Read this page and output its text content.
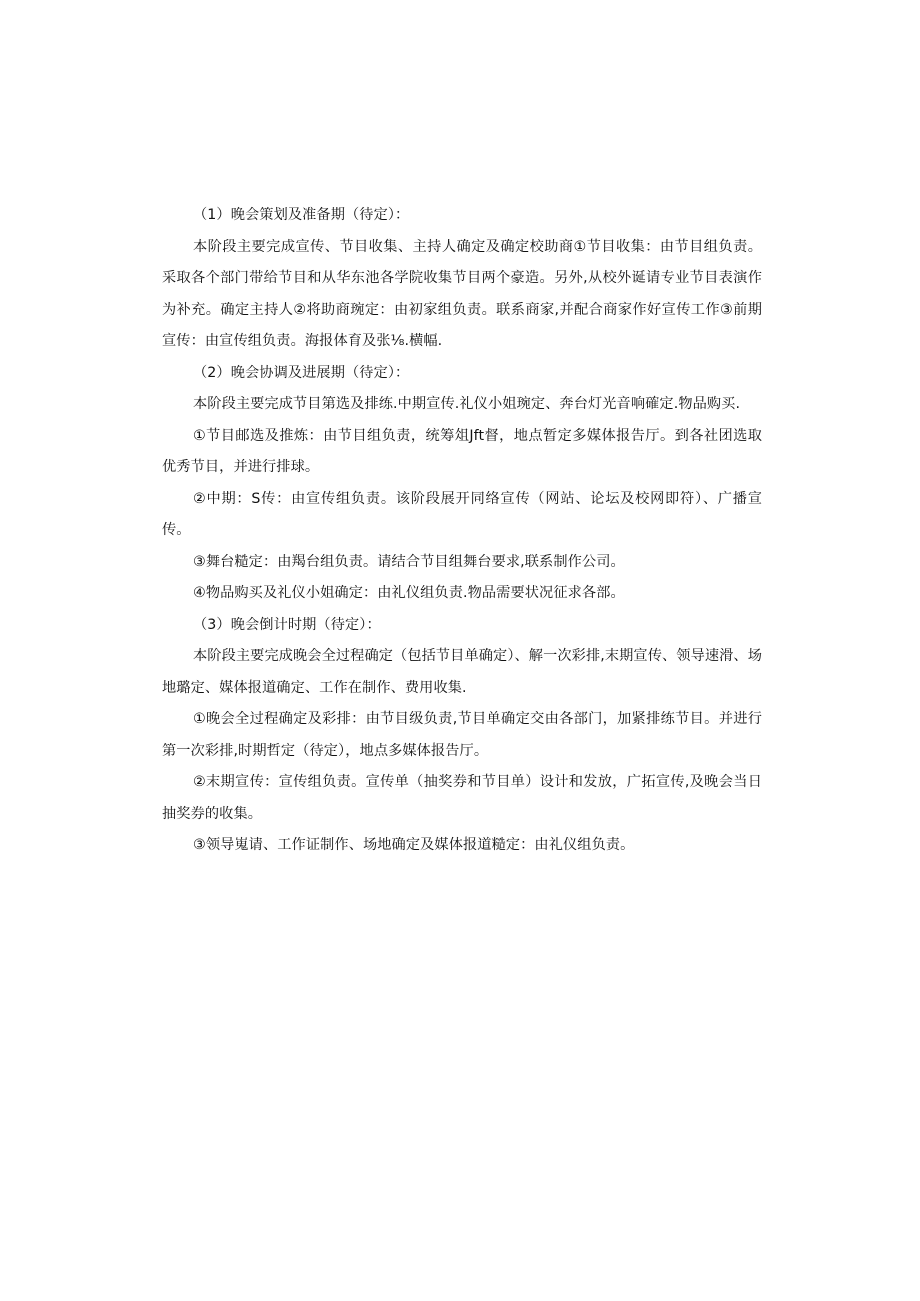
（1）晚会策划及准备期（待定）：

本阶段主要完成宣传、节目收集、主持人确定及确定校助商①节目收集：由节目组负责。采取各个部门带给节目和从华东池各学院收集节目两个豪造。另外,从校外诞请专业节目表演作为补充。确定主持人②将助商琬定：由初家组负责。联系商家,并配合商家作好宣传工作③前期宣传：由宣传组负责。海报体育及张⅛.横幅.

（2）晚会协调及进展期（待定）：

本阶段主要完成节目第选及排练.中期宣传.礼仪小姐琬定、奔台灯光音响確定.物品购买.

①节目邮选及推炼：由节目组负责，统筹俎Jft督，地点暂定多媒体报告厅。到各社团选取优秀节目，并进行排球。

②中期：S传：由宣传组负责。该阶段展开同络宣传（网站、论坛及校网即符）、广播宣传。

③舞台糙定：由羯台组负责。请结合节目组舞台要求,联系制作公司。

④物品购买及礼仪小姐确定：由礼仪组负责.物品需要状况征求各部。

（3）晚会倒计时期（待定）：

本阶段主要完成晚会全过程确定（包括节目单确定）、解一次彩排,末期宣传、领导速滑、场地璐定、媒体报道确定、工作在制作、费用收集.

①晚会全过程确定及彩排：由节目级负责,节目单确定交由各部门，加紧排练节目。并进行第一次彩排,时期哲定（待定），地点多媒体报告厅。

②末期宣传：宣传组负责。宣传单（抽奖券和节目单）设计和发放，广拓宣传,及晚会当日抽奖券的收集。

③领导嵬请、工作证制作、场地确定及媒体报道糙定：由礼仪组负责。
